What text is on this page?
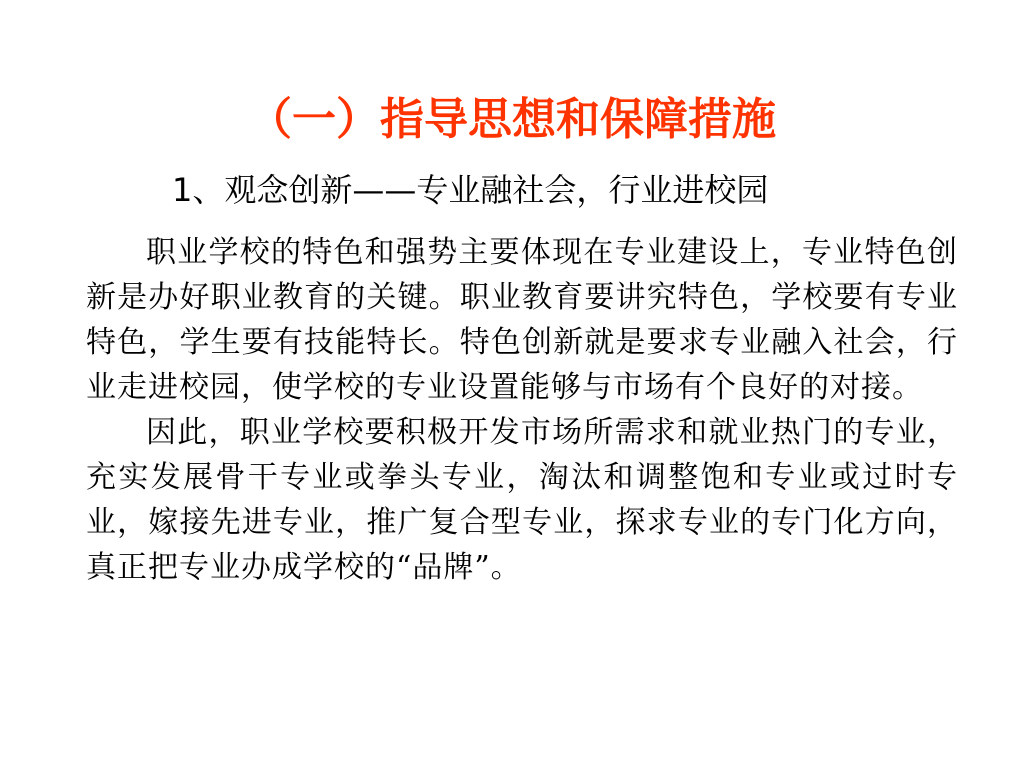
（一）指导思想和保障措施
1、观念创新——专业融社会，行业进校园

职业学校的特色和强势主要体现在专业建设上，专业特色创新是办好职业教育的关键。职业教育要讲究特色，学校要有专业特色，学生要有技能特长。特色创新就是要求专业融入社会，行业走进校园，使学校的专业设置能够与市场有个良好的对接。

因此，职业学校要积极开发市场所需求和就业热门的专业，充实发展骨干专业或拳头专业，淘汰和调整饱和专业或过时专业，嫁接先进专业，推广复合型专业，探求专业的专门化方向，真正把专业办成学校的“品牌”。
